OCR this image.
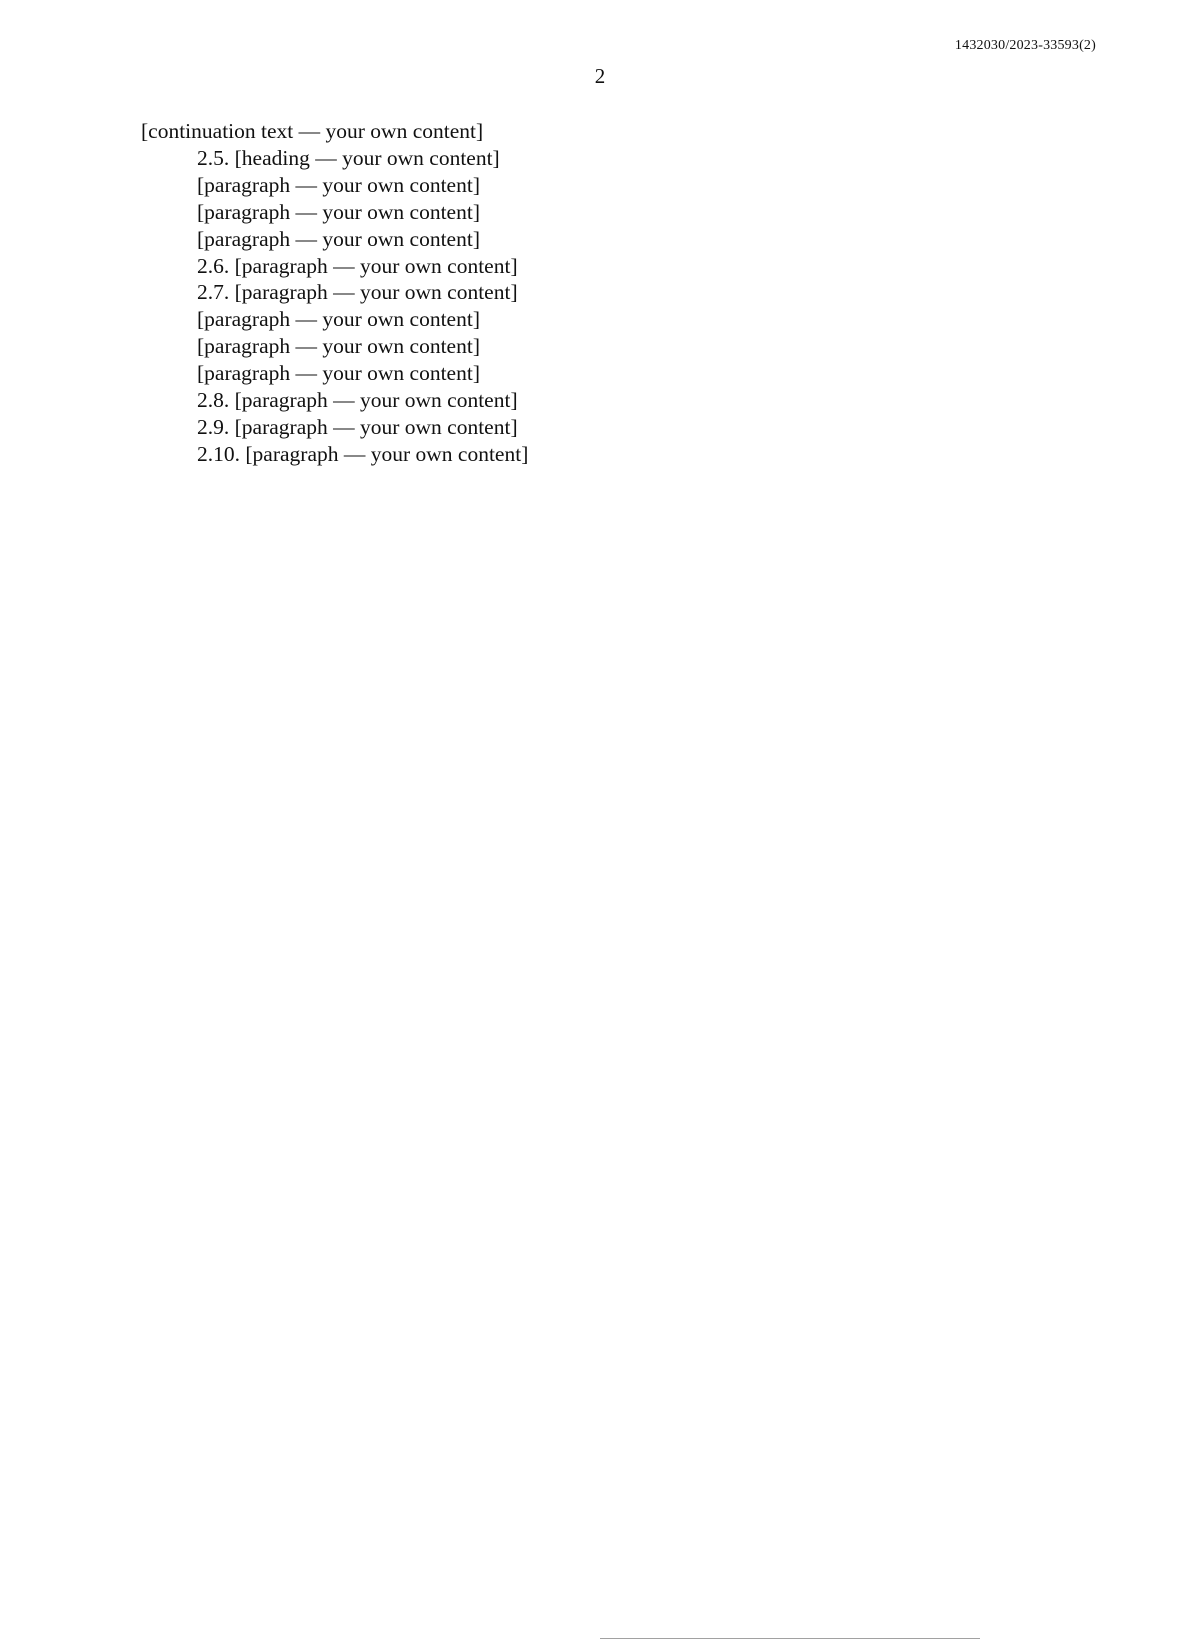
1432030/2023-33593(2)
2

[continuation text — your own content]

2.5. [heading — your own content]

[paragraph — your own content]

[paragraph — your own content]

[paragraph — your own content]

2.6. [paragraph — your own content]

2.7. [paragraph — your own content]

[paragraph — your own content]

[paragraph — your own content]

[paragraph — your own content]

2.8. [paragraph — your own content]

2.9. [paragraph — your own content]

2.10. [paragraph — your own content]
